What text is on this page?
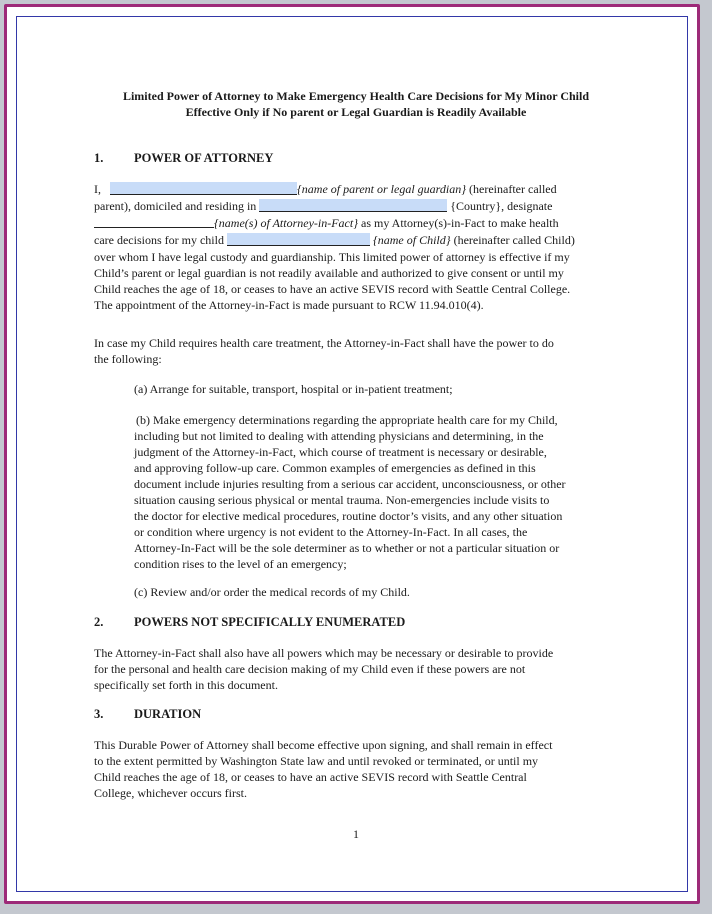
Limited Power of Attorney to Make Emergency Health Care Decisions for My Minor Child
Effective Only if No parent or Legal Guardian is Readily Available
1. POWER OF ATTORNEY
I,	{name of parent or legal guardian} (hereinafter called
parent), domiciled and residing in	{Country}, designate
{name(s) of Attorney-in-Fact} as my Attorney(s)-in-Fact to make health
care decisions for my child	{name of Child} (hereinafter called Child)
over whom I have legal custody and guardianship. This limited power of attorney is effective if my
Child’s parent or legal guardian is not readily available and authorized to give consent or until my
Child reaches the age of 18, or ceases to have an active SEVIS record with Seattle Central College.
The appointment of the Attorney-in-Fact is made pursuant to RCW 11.94.010(4).
In case my Child requires health care treatment, the Attorney-in-Fact shall have the power to do
the following:
(a) Arrange for suitable, transport, hospital or in-patient treatment;
(b) Make emergency determinations regarding the appropriate health care for my Child,
including but not limited to dealing with attending physicians and determining, in the
judgment of the Attorney-in-Fact, which course of treatment is necessary or desirable,
and approving follow-up care. Common examples of emergencies as defined in this
document include injuries resulting from a serious car accident, unconsciousness, or other
situation causing serious physical or mental trauma. Non-emergencies include visits to
the doctor for elective medical procedures, routine doctor’s visits, and any other situation
or condition where urgency is not evident to the Attorney-In-Fact. In all cases, the
Attorney-In-Fact will be the sole determiner as to whether or not a particular situation or
condition rises to the level of an emergency;
(c) Review and/or order the medical records of my Child.
2. POWERS NOT SPECIFICALLY ENUMERATED
The Attorney-in-Fact shall also have all powers which may be necessary or desirable to provide
for the personal and health care decision making of my Child even if these powers are not
specifically set forth in this document.
3. DURATION
This Durable Power of Attorney shall become effective upon signing, and shall remain in effect
to the extent permitted by Washington State law and until revoked or terminated, or until my
Child reaches the age of 18, or ceases to have an active SEVIS record with Seattle Central
College, whichever occurs first.
1
